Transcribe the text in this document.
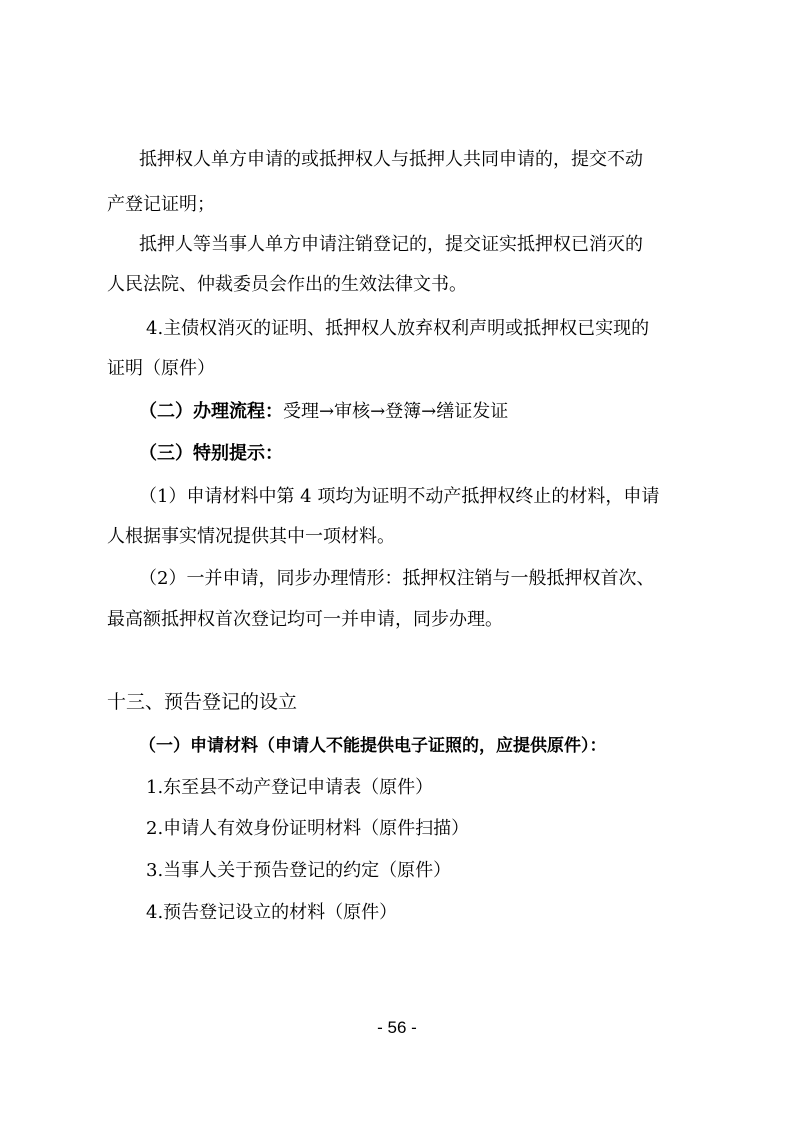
抵押权人单方申请的或抵押权人与抵押人共同申请的，提交不动
产登记证明；
抵押人等当事人单方申请注销登记的，提交证实抵押权已消灭的
人民法院、仲裁委员会作出的生效法律文书。
4.主债权消灭的证明、抵押权人放弃权利声明或抵押权已实现的
证明（原件）
（二）办理流程：受理→审核→登簿→缮证发证
（三）特别提示：
（1）申请材料中第 4 项均为证明不动产抵押权终止的材料，申请
人根据事实情况提供其中一项材料。
（2）一并申请，同步办理情形：抵押权注销与一般抵押权首次、
最高额抵押权首次登记均可一并申请，同步办理。
十三、预告登记的设立
（一）申请材料（申请人不能提供电子证照的，应提供原件）：
1.东至县不动产登记申请表（原件）
2.申请人有效身份证明材料（原件扫描）
3.当事人关于预告登记的约定（原件）
4.预告登记设立的材料（原件）
- 56 -
